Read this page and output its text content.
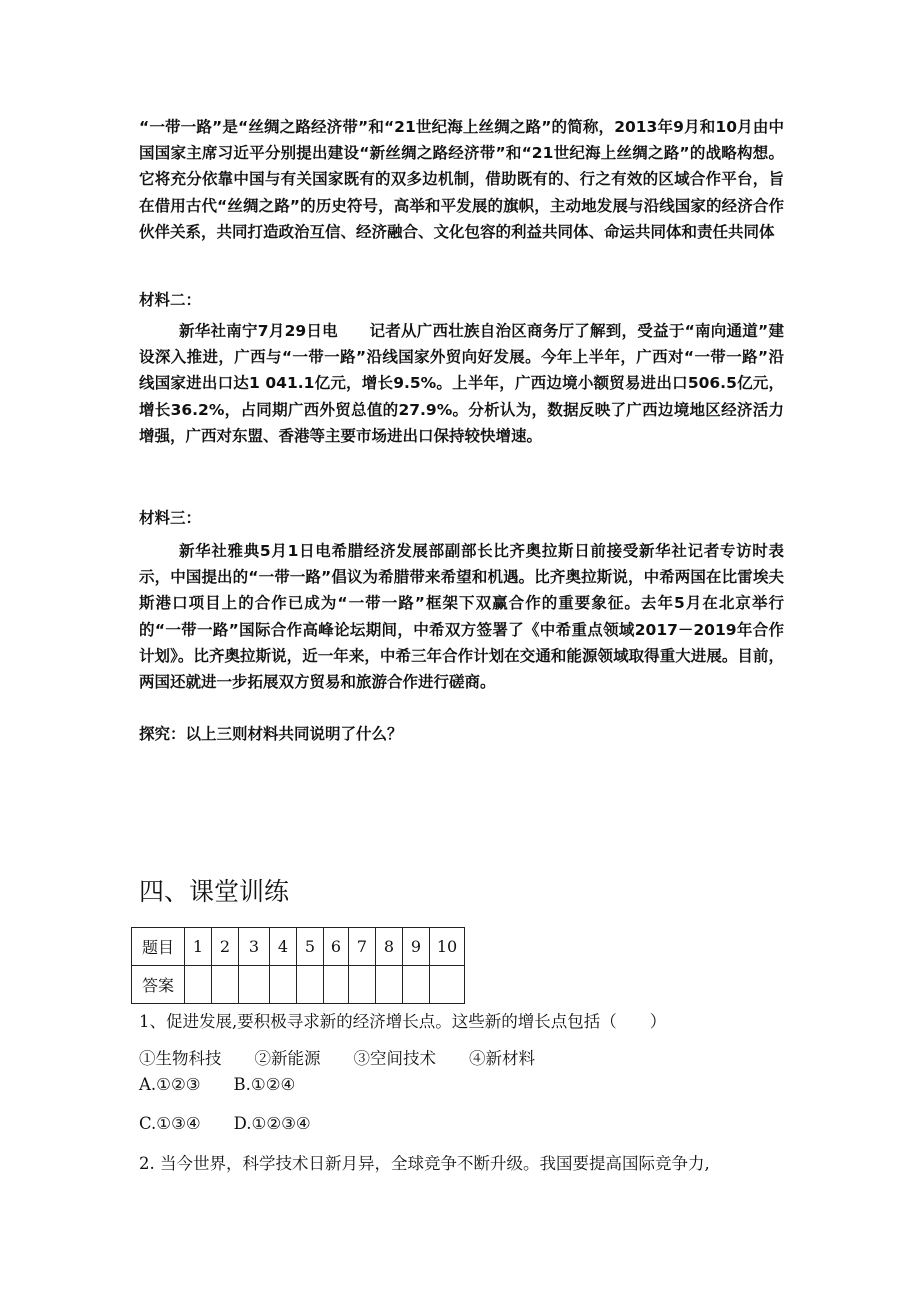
“一带一路”是“丝绸之路经济带”和“21世纪海上丝绸之路”的简称，2013年9月和10月由中国国家主席习近平分别提出建设“新丝绸之路经济带”和“21世纪海上丝绸之路”的战略构想。它将充分依靠中国与有关国家既有的双多边机制，借助既有的、行之有效的区域合作平台，旨在借用古代“丝绸之路”的历史符号，高举和平发展的旗帜，主动地发展与沿线国家的经济合作伙伴关系，共同打造政治互信、经济融合、文化包容的利益共同体、命运共同体和责任共同体
材料二：
新华社南宁7月29日电　　记者从广西壮族自治区商务厅了解到，受益于“南向通道”建设深入推进，广西与“一带一路”沿线国家外贸向好发展。今年上半年，广西对“一带一路”沿线国家进出口达1 041.1亿元，增长9.5%。上半年，广西边境小额贸易进出口506.5亿元，增长36.2%，占同期广西外贸总值的27.9%。分析认为，数据反映了广西边境地区经济活力增强，广西对东盟、香港等主要市场进出口保持较快增速。
材料三：
新华社雅典5月1日电希腊经济发展部副部长比齐奥拉斯日前接受新华社记者专访时表示，中国提出的“一带一路”倡议为希腊带来希望和机遇。比齐奥拉斯说，中希两国在比雷埃夫斯港口项目上的合作已成为“一带一路”框架下双赢合作的重要象征。去年5月在北京举行的“一带一路”国际合作高峰论坛期间，中希双方签署了《中希重点领域2017－2019年合作计划》。比齐奥拉斯说，近一年来，中希三年合作计划在交通和能源领域取得重大进展。目前，两国还就进一步拓展双方贸易和旅游合作进行磋商。
探究：以上三则材料共同说明了什么？
四、课堂训练
题目	1	2	3	4	5	6	7	8	9	10
答案										
1、促进发展,要积极寻求新的经济增长点。这些新的增长点包括（　　）
①生物科技　　②新能源　　③空间技术　　④新材料
A.①②③　　B.①②④
C.①③④　　D.①②③④
2. 当今世界，科学技术日新月异，全球竞争不断升级。我国要提高国际竞争力,
